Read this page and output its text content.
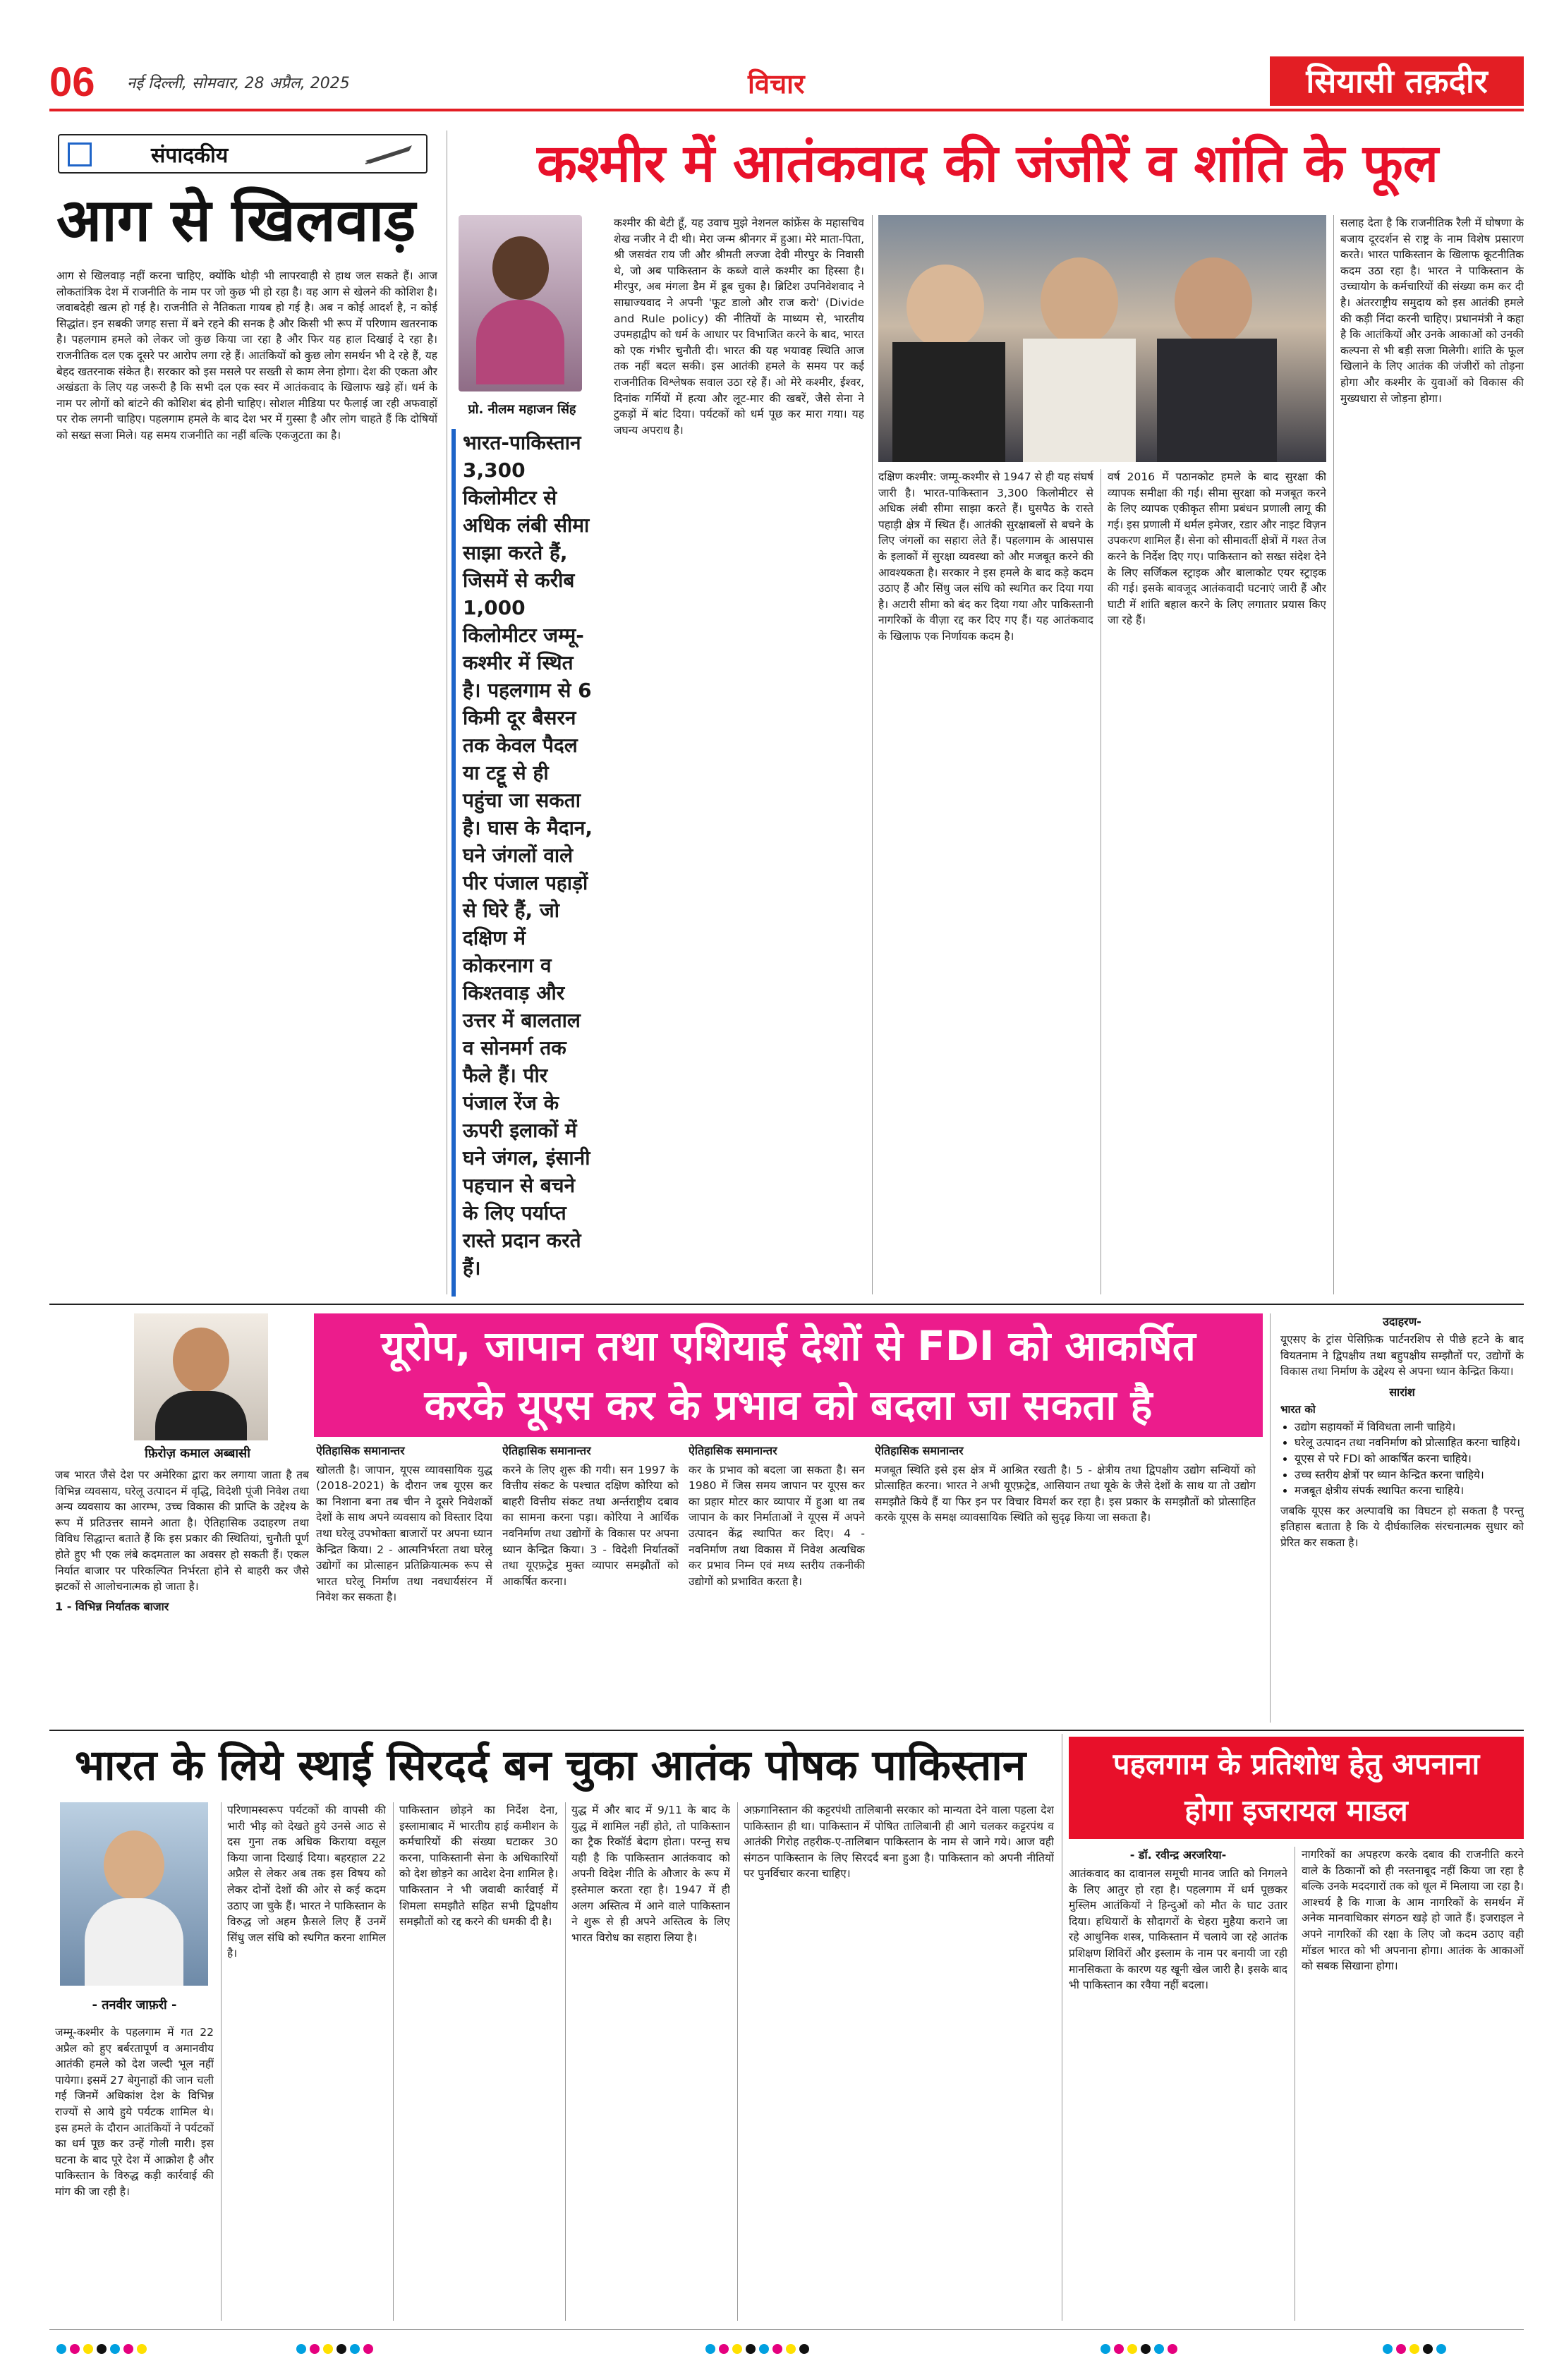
06 नई दिल्ली, सोमवार, 28 अप्रैल, 2025	विचार	सियासी तक़दीर
संपादकीय
आग से खिलवाड़
आग से खिलवाड़ नहीं करना चाहिए, क्योंकि थोड़ी भी लापरवाही से हाथ जल सकते हैं। आज लोकतांत्रिक देश में राजनीति के नाम पर जो कुछ भी हो रहा है। वह आग से खेलने की कोशिश है। जवाबदेही खत्म हो गई है। राजनीति से नैतिकता गायब हो गई है। अब न कोई आदर्श है, न कोई सिद्धांत। इन सबकी जगह सत्ता में बने रहने की सनक है और किसी भी रूप में परिणाम खतरनाक है। पहलगाम हमले को लेकर जो कुछ किया जा रहा है और फिर यह हाल दिखाई दे रहा है। राजनीतिक दल एक दूसरे पर आरोप लगा रहे हैं। आतंकियों को कुछ लोग समर्थन भी दे रहे हैं, यह बेहद खतरनाक संकेत है। सरकार को इस मसले पर सख्ती से काम लेना होगा। देश की एकता और अखंडता के लिए यह जरूरी है कि सभी दल एक स्वर में आतंकवाद के खिलाफ खड़े हों। धर्म के नाम पर लोगों को बांटने की कोशिश बंद होनी चाहिए। सोशल मीडिया पर फैलाई जा रही अफवाहों पर रोक लगनी चाहिए। पहलगाम हमले के बाद देश भर में गुस्सा है और लोग चाहते हैं कि दोषियों को सख्त सजा मिले। यह समय राजनीति का नहीं बल्कि एकजुटता का है।
कश्मीर में आतंकवाद की जंजीरें व शांति के फूल
प्रो. नीलम महाजन सिंह
भारत-पाकिस्तान 3,300 किलोमीटर से अधिक लंबी सीमा साझा करते हैं, जिसमें से करीब 1,000 किलोमीटर जम्मू-कश्मीर में स्थित है। पहलगाम से 6 किमी दूर बैसरन तक केवल पैदल या टट्टू से ही पहुंचा जा सकता है। घास के मैदान, घने जंगलों वाले पीर पंजाल पहाड़ों से घिरे हैं, जो दक्षिण में कोकरनाग व किश्तवाड़ और उत्तर में बालताल व सोनमर्ग तक फैले हैं। पीर पंजाल रेंज के ऊपरी इलाकों में घने जंगल, इंसानी पहचान से बचने के लिए पर्याप्त रास्ते प्रदान करते हैं।
कश्मीर की बेटी हूँ, यह उवाच मुझे नेशनल कांफ्रेंस के महासचिव शेख नजीर ने दी थी। मेरा जन्म श्रीनगर में हुआ। मेरे माता-पिता, श्री जसवंत राय जी और श्रीमती लज्जा देवी मीरपुर के निवासी थे, जो अब पाकिस्तान के कब्जे वाले कश्मीर का हिस्सा है। मीरपुर, अब मंगला डैम में डूब चुका है। ब्रिटिश उपनिवेशवाद ने साम्राज्यवाद ने अपनी 'फूट डालो और राज करो' (Divide and Rule policy) की नीतियों के माध्यम से, भारतीय उपमहाद्वीप को धर्म के आधार पर विभाजित करने के बाद, भारत को एक गंभीर चुनौती दी। भारत की यह भयावह स्थिति आज तक नहीं बदल सकी। इस आतंकी हमले के समय पर कई राजनीतिक विश्लेषक सवाल उठा रहे हैं। ओ मेरे कश्मीर, ईश्वर, दिनांक गर्मियों में हत्या और लूट-मार की खबरें, जैसे सेना ने टुकड़ों में बांट दिया। पर्यटकों को धर्म पूछ कर मारा गया। यह जघन्य अपराध है।
दक्षिण कश्मीर: जम्मू-कश्मीर से 1947 से ही यह संघर्ष जारी है। भारत-पाकिस्तान 3,300 किलोमीटर से अधिक लंबी सीमा साझा करते हैं। घुसपैठ के रास्ते पहाड़ी क्षेत्र में स्थित हैं। आतंकी सुरक्षाबलों से बचने के लिए जंगलों का सहारा लेते हैं। पहलगाम के आसपास के इलाकों में सुरक्षा व्यवस्था को और मजबूत करने की आवश्यकता है। सरकार ने इस हमले के बाद कड़े कदम उठाए हैं और सिंधु जल संधि को स्थगित कर दिया गया है। अटारी सीमा को बंद कर दिया गया और पाकिस्तानी नागरिकों के वीज़ा रद्द कर दिए गए हैं। यह आतंकवाद के खिलाफ एक निर्णायक कदम है।
वर्ष 2016 में पठानकोट हमले के बाद सुरक्षा की व्यापक समीक्षा की गई। सीमा सुरक्षा को मजबूत करने के लिए व्यापक एकीकृत सीमा प्रबंधन प्रणाली लागू की गई। इस प्रणाली में थर्मल इमेजर, रडार और नाइट विज़न उपकरण शामिल हैं। सेना को सीमावर्ती क्षेत्रों में गश्त तेज करने के निर्देश दिए गए। पाकिस्तान को सख्त संदेश देने के लिए सर्जिकल स्ट्राइक और बालाकोट एयर स्ट्राइक की गई। इसके बावजूद आतंकवादी घटनाएं जारी हैं और घाटी में शांति बहाल करने के लिए लगातार प्रयास किए जा रहे हैं।
सलाह देता है कि राजनीतिक रैली में घोषणा के बजाय दूरदर्शन से राष्ट्र के नाम विशेष प्रसारण करते। भारत पाकिस्तान के खिलाफ कूटनीतिक कदम उठा रहा है। भारत ने पाकिस्तान के उच्चायोग के कर्मचारियों की संख्या कम कर दी है। अंतरराष्ट्रीय समुदाय को इस आतंकी हमले की कड़ी निंदा करनी चाहिए। प्रधानमंत्री ने कहा है कि आतंकियों और उनके आकाओं को उनकी कल्पना से भी बड़ी सजा मिलेगी। शांति के फूल खिलाने के लिए आतंक की जंजीरों को तोड़ना होगा और कश्मीर के युवाओं को विकास की मुख्यधारा से जोड़ना होगा।
फ़िरोज़ कमाल अब्बासी
यूरोप, जापान तथा एशियाई देशों से FDI को आकर्षित
करके यूएस कर के प्रभाव को बदला जा सकता है
जब भारत जैसे देश पर अमेरिका द्वारा कर लगाया जाता है तब विभिन्न व्यवसाय, घरेलू उत्पादन में वृद्धि, विदेशी पूंजी निवेश तथा अन्य व्यवसाय का आरम्भ, उच्च विकास की प्राप्ति के उद्देश्य के रूप में प्रतिउत्तर सामने आता है। ऐतिहासिक उदाहरण तथा विविध सिद्धान्त बताते हैं कि इस प्रकार की स्थितियां, चुनौती पूर्ण होते हुए भी एक लंबे कदमताल का अवसर हो सकती हैं। एकल निर्यात बाजार पर परिकल्पित निर्भरता होने से बाहरी कर जैसे झटकों से आलोचनात्मक हो जाता है।
1 - विभिन्न निर्यातक बाजार
ऐतिहासिक समानान्तर
खोलती है। जापान, यूएस व्यावसायिक युद्ध (2018-2021) के दौरान जब यूएस कर का निशाना बना तब चीन ने दूसरे निवेशकों देशों के साथ अपने व्यवसाय को विस्तार दिया तथा घरेलू उपभोक्ता बाजारों पर अपना ध्यान केन्द्रित किया। 2 - आत्मनिर्भरता तथा घरेलू उद्योगों का प्रोत्साहन प्रतिक्रियात्मक रूप से भारत घरेलू निर्माण तथा नवधार्यसंरन में निवेश कर सकता है।
ऐतिहासिक समानान्तर
करने के लिए शुरू की गयी। सन 1997 के वित्तीय संकट के पश्चात दक्षिण कोरिया को बाहरी वित्तीय संकट तथा अर्न्तराष्ट्रीय दबाव का सामना करना पड़ा। कोरिया ने आर्थिक नवनिर्माण तथा उद्योगों के विकास पर अपना ध्यान केन्द्रित किया। 3 - विदेशी निर्यातकों तथा यूएफ़ट्रेड मुक्त व्यापार समझौतों को आकर्षित करना।
ऐतिहासिक समानान्तर
कर के प्रभाव को बदला जा सकता है। सन 1980 में जिस समय जापान पर यूएस कर का प्रहार मोटर कार व्यापार में हुआ था तब जापान के कार निर्माताओं ने यूएस में अपने उत्पादन केंद्र स्थापित कर दिए। 4 - नवनिर्माण तथा विकास में निवेश अत्यधिक कर प्रभाव निम्न एवं मध्य स्तरीय तकनीकी उद्योगों को प्रभावित करता है।
ऐतिहासिक समानान्तर
मजबूत स्थिति इसे इस क्षेत्र में आश्रित रखती है। 5 - क्षेत्रीय तथा द्विपक्षीय उद्योग सन्धियों को प्रोत्साहित करना। भारत ने अभी यूएफ़ट्रेड, आसियान तथा यूके के जैसे देशों के साथ या तो उद्योग समझौते किये हैं या फिर इन पर विचार विमर्श कर रहा है। इस प्रकार के समझौतों को प्रोत्साहित करके यूएस के समक्ष व्यावसायिक स्थिति को सुदृढ़ किया जा सकता है।
उदाहरण-
यूएसए के ट्रांस पेसिफ़िक पार्टनरशिप से पीछे हटने के बाद वियतनाम ने द्विपक्षीय तथा बहुपक्षीय सम्झौतों पर, उद्योगों के विकास तथा निर्माण के उद्देश्य से अपना ध्यान केन्द्रित किया।
सारांश
भारत को
• उद्योग सहायकों में विविधता लानी चाहिये।
• घरेलू उत्पादन तथा नवनिर्माण को प्रोत्साहित करना चाहिये।
• यूएस से परे FDI को आकर्षित करना चाहिये।
• उच्च स्तरीय क्षेत्रों पर ध्यान केन्द्रित करना चाहिये।
• मजबूत क्षेत्रीय संपर्क स्थापित करना चाहिये।
जबकि यूएस कर अल्पावधि का विघटन हो सकता है परन्तु इतिहास बताता है कि ये दीर्घकालिक संरचनात्मक सुधार को प्रेरित कर सकता है।
भारत के लिये स्थाई सिरदर्द बन चुका आतंक पोषक पाकिस्तान
- तनवीर जाफ़री -
जम्मू-कश्मीर के पहलगाम में गत 22 अप्रैल को हुए बर्बरतापूर्ण व अमानवीय आतंकी हमले को देश जल्दी भूल नहीं पायेगा। इसमें 27 बेगुनाहों की जान चली गई जिनमें अधिकांश देश के विभिन्न राज्यों से आये हुये पर्यटक शामिल थे। इस हमले के दौरान आतंकियों ने पर्यटकों का धर्म पूछ कर उन्हें गोली मारी। इस घटना के बाद पूरे देश में आक्रोश है और पाकिस्तान के विरुद्ध कड़ी कार्रवाई की मांग की जा रही है।
परिणामस्वरूप पर्यटकों की वापसी की भारी भीड़ को देखते हुये उनसे आठ से दस गुना तक अधिक किराया वसूल किया जाना दिखाई दिया। बहरहाल 22 अप्रैल से लेकर अब तक इस विषय को लेकर दोनों देशों की ओर से कई कदम उठाए जा चुके हैं। भारत ने पाकिस्तान के विरुद्ध जो अहम फ़ैसले लिए हैं उनमें सिंधु जल संधि को स्थगित करना शामिल है।
पाकिस्तान छोड़ने का निर्देश देना, इस्लामाबाद में भारतीय हाई कमीशन के कर्मचारियों की संख्या घटाकर 30 करना, पाकिस्तानी सेना के अधिकारियों को देश छोड़ने का आदेश देना शामिल है। पाकिस्तान ने भी जवाबी कार्रवाई में शिमला समझौते सहित सभी द्विपक्षीय समझौतों को रद्द करने की धमकी दी है।
युद्ध में और बाद में 9/11 के बाद के युद्ध में शामिल नहीं होते, तो पाकिस्तान का ट्रैक रिकॉर्ड बेदाग होता। परन्तु सच यही है कि पाकिस्तान आतंकवाद को अपनी विदेश नीति के औजार के रूप में इस्तेमाल करता रहा है। 1947 में ही अलग अस्तित्व में आने वाले पाकिस्तान ने शुरू से ही अपने अस्तित्व के लिए भारत विरोध का सहारा लिया है।
अफ़गानिस्तान की कट्टरपंथी तालिबानी सरकार को मान्यता देने वाला पहला देश पाकिस्तान ही था। पाकिस्तान में पोषित तालिबानी ही आगे चलकर कट्टरपंथ व आतंकी गिरोह तहरीक-ए-तालिबान पाकिस्तान के नाम से जाने गये। आज वही संगठन पाकिस्तान के लिए सिरदर्द बना हुआ है। पाकिस्तान को अपनी नीतियों पर पुनर्विचार करना चाहिए।
पहलगाम के प्रतिशोध हेतु अपनाना
होगा इजरायल माडल
- डॉ. रवीन्द्र अरजरिया-
आतंकवाद का दावानल समूची मानव जाति को निगलने के लिए आतुर हो रहा है। पहलगाम में धर्म पूछकर मुस्लिम आतंकियों ने हिन्दुओं को मौत के घाट उतार दिया। हथियारों के सौदागरों के चेहरा मुहैया कराने जा रहे आधुनिक शस्त्र, पाकिस्तान में चलाये जा रहे आतंक प्रशिक्षण शिविरों और इस्लाम के नाम पर बनायी जा रही मानसिकता के कारण यह खूनी खेल जारी है। इसके बाद भी पाकिस्तान का रवैया नहीं बदला।
नागरिकों का अपहरण करके दबाव की राजनीति करने वाले के ठिकानों को ही नस्तनाबूद नहीं किया जा रहा है बल्कि उनके मददगारों तक को धूल में मिलाया जा रहा है। आश्चर्य है कि गाजा के आम नागरिकों के समर्थन में अनेक मानवाधिकार संगठन खड़े हो जाते हैं। इजराइल ने अपने नागरिकों की रक्षा के लिए जो कदम उठाए वही मॉडल भारत को भी अपनाना होगा। आतंक के आकाओं को सबक सिखाना होगा।
